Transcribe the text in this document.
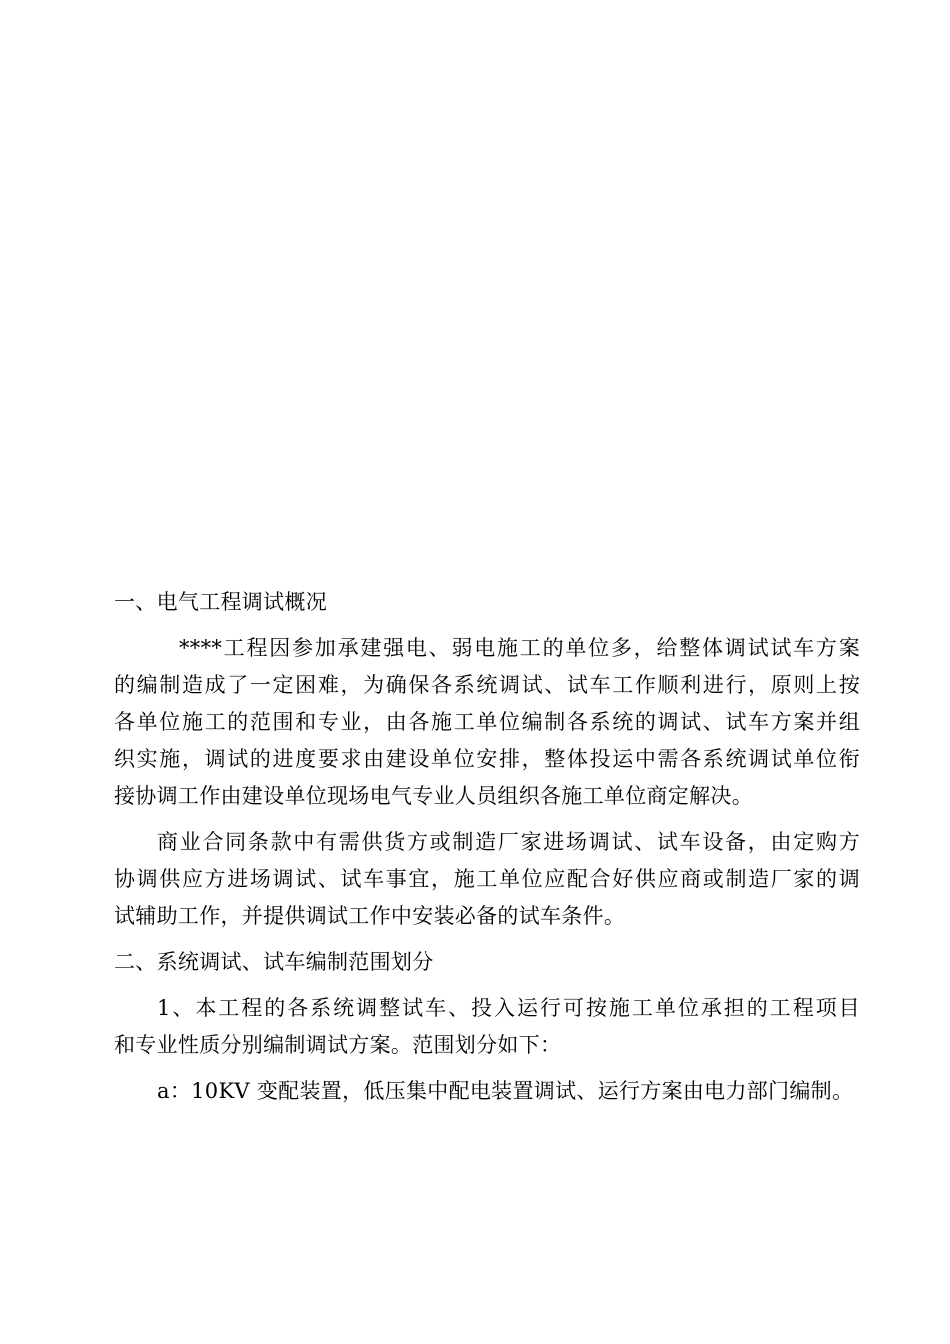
一、电气工程调试概况
****工程因参加承建强电、弱电施工的单位多，给整体调试试车方案
的编制造成了一定困难，为确保各系统调试、试车工作顺利进行，原则上按
各单位施工的范围和专业，由各施工单位编制各系统的调试、试车方案并组
织实施，调试的进度要求由建设单位安排，整体投运中需各系统调试单位衔
接协调工作由建设单位现场电气专业人员组织各施工单位商定解决。
商业合同条款中有需供货方或制造厂家进场调试、试车设备，由定购方
协调供应方进场调试、试车事宜，施工单位应配合好供应商或制造厂家的调
试辅助工作，并提供调试工作中安装必备的试车条件。
二、系统调试、试车编制范围划分
1、本工程的各系统调整试车、投入运行可按施工单位承担的工程项目
和专业性质分别编制调试方案。范围划分如下：
a：10KV 变配装置，低压集中配电装置调试、运行方案由电力部门编制。
